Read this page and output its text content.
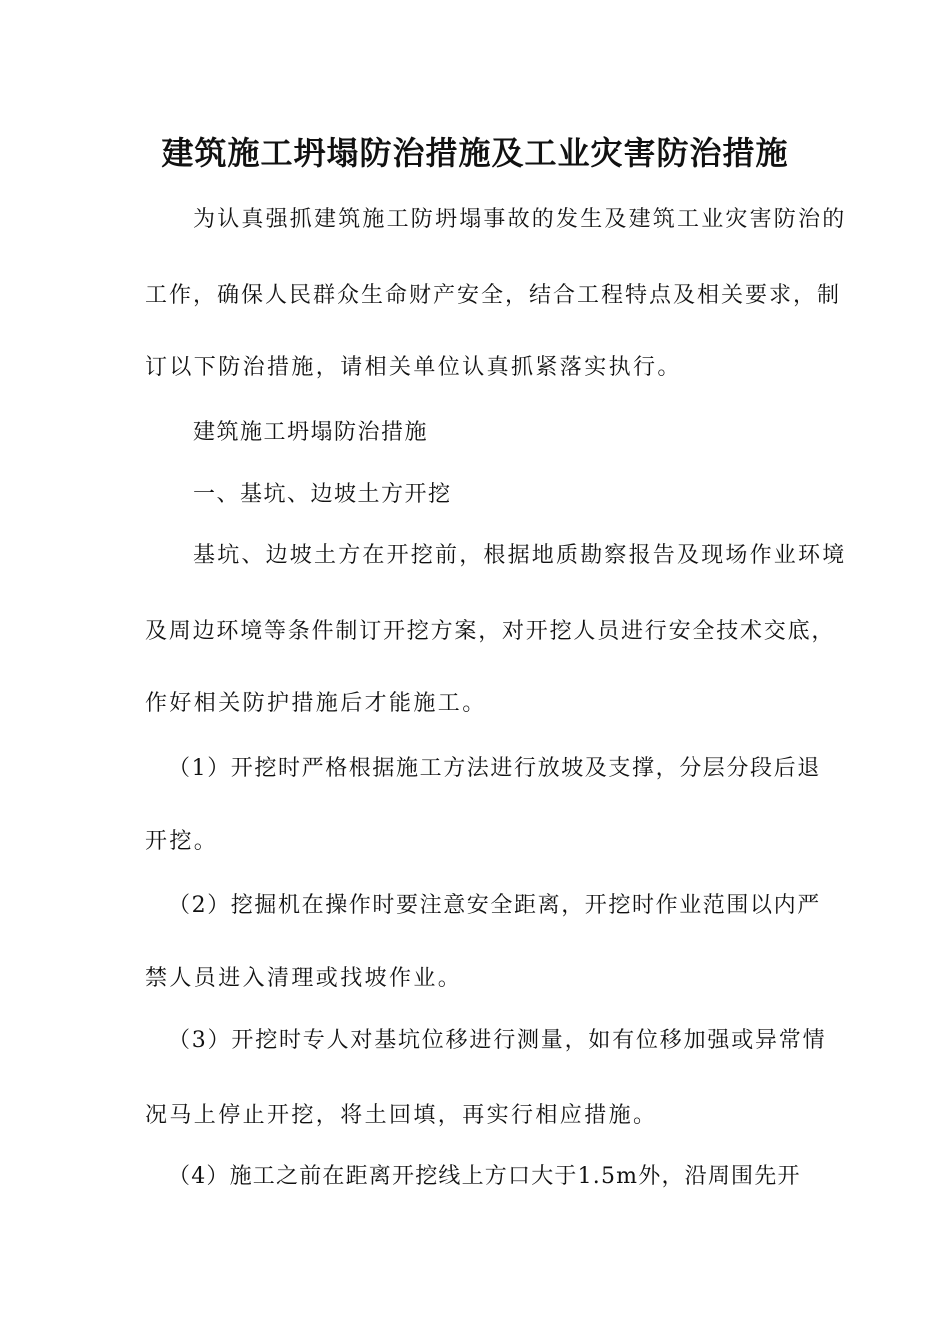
建筑施工坍塌防治措施及工业灾害防治措施

为认真强抓建筑施工防坍塌事故的发生及建筑工业灾害防治的

工作，确保人民群众生命财产安全，结合工程特点及相关要求，制

订以下防治措施，请相关单位认真抓紧落实执行。

建筑施工坍塌防治措施

一、基坑、边坡土方开挖

基坑、边坡土方在开挖前，根据地质勘察报告及现场作业环境

及周边环境等条件制订开挖方案，对开挖人员进行安全技术交底，

作好相关防护措施后才能施工。

（1）开挖时严格根据施工方法进行放坡及支撑，分层分段后退

开挖。

（2）挖掘机在操作时要注意安全距离，开挖时作业范围以内严

禁人员进入清理或找坡作业。

（3）开挖时专人对基坑位移进行测量，如有位移加强或异常情

况马上停止开挖，将土回填，再实行相应措施。

（4）施工之前在距离开挖线上方口大于1.5m外，沿周围先开
